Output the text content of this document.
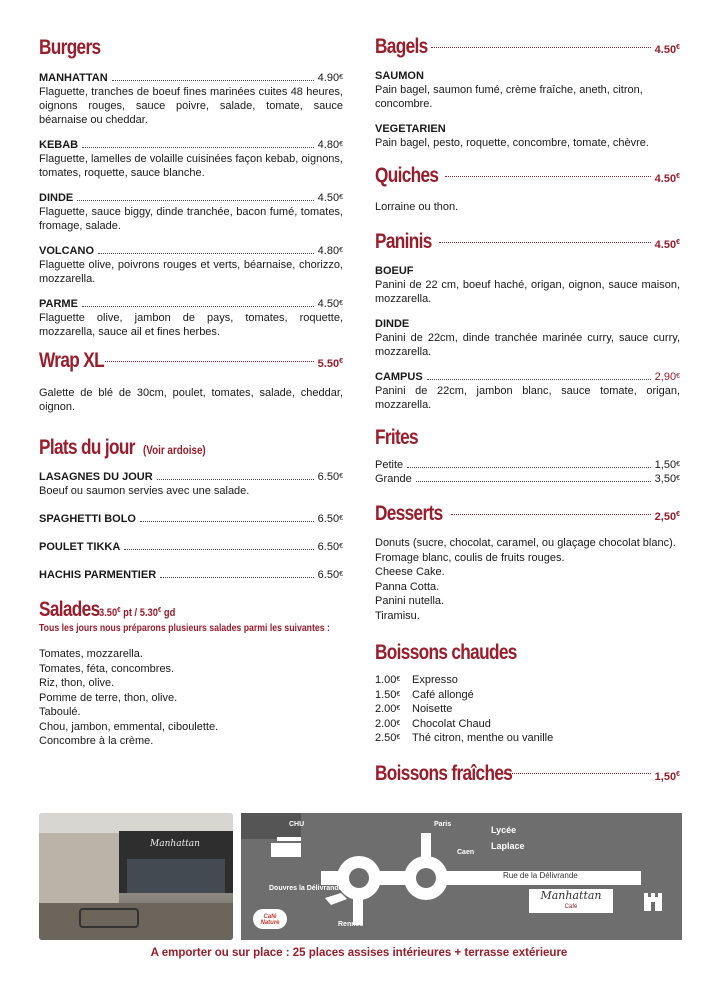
Burgers
MANHATTAN	4.90€
Flaguette, tranches de boeuf fines marinées cuites 48 heures, oignons rouges, sauce poivre, salade, tomate, sauce béarnaise ou cheddar.
KEBAB	4.80€
Flaguette, lamelles de volaille cuisinées façon kebab, oignons, tomates, roquette, sauce blanche.
DINDE	4.50€
Flaguette, sauce biggy, dinde tranchée, bacon fumé, tomates, fromage, salade.
VOLCANO	4.80€
Flaguette olive, poivrons rouges et verts, béarnaise, chorizzo, mozzarella.
PARME	4.50€
Flaguette olive, jambon de pays, tomates, roquette, mozzarella, sauce ail et fines herbes.
Wrap XL	5.50€
Galette de blé de 30cm, poulet, tomates, salade, cheddar, oignon.
Plats du jour (Voir ardoise)
LASAGNES DU JOUR	6.50€
Boeuf ou saumon servies avec une salade.
SPAGHETTI BOLO	6.50€
POULET TIKKA	6.50€
HACHIS PARMENTIER	6.50€
Salades 3.50€ pt / 5.30€ gd
Tous les jours nous préparons plusieurs salades parmi les suivantes :
Tomates, mozzarella.
Tomates, féta, concombres.
Riz, thon, olive.
Pomme de terre, thon, olive.
Taboulé.
Chou, jambon, emmental, ciboulette.
Concombre à la crème.
Bagels	4.50€
SAUMON
Pain bagel, saumon fumé, crème fraîche, aneth, citron, concombre.
VEGETARIEN
Pain bagel, pesto, roquette, concombre, tomate, chèvre.
Quiches	4.50€
Lorraine ou thon.
Paninis	4.50€
BOEUF
Panini de 22 cm, boeuf haché, origan, oignon, sauce maison, mozzarella.
DINDE
Panini de 22cm, dinde tranchée marinée curry, sauce curry, mozzarella.
CAMPUS	2,90€
Panini de 22cm, jambon blanc, sauce tomate, origan, mozzarella.
Frites
Petite	1,50€
Grande	3,50€
Desserts	2,50€
Donuts (sucre, chocolat, caramel, ou glaçage chocolat blanc).
Fromage blanc, coulis de fruits rouges.
Cheese Cake.
Panna Cotta.
Panini nutella.
Tiramisu.
Boissons chaudes
1.00€	Expresso
1.50€	Café allongé
2.00€	Noisette
2.00€	Chocolat Chaud
2.50€	Thé citron, menthe ou vanille
Boissons fraîches	1,50€
Manhattan
CHU	Paris
Lycée
Laplace
Caen
Rue de la Délivrande
Douvres la Délivrande
Rennes
Café Nature
Manhattan
Café
A emporter ou sur place : 25 places assises intérieures + terrasse extérieure
